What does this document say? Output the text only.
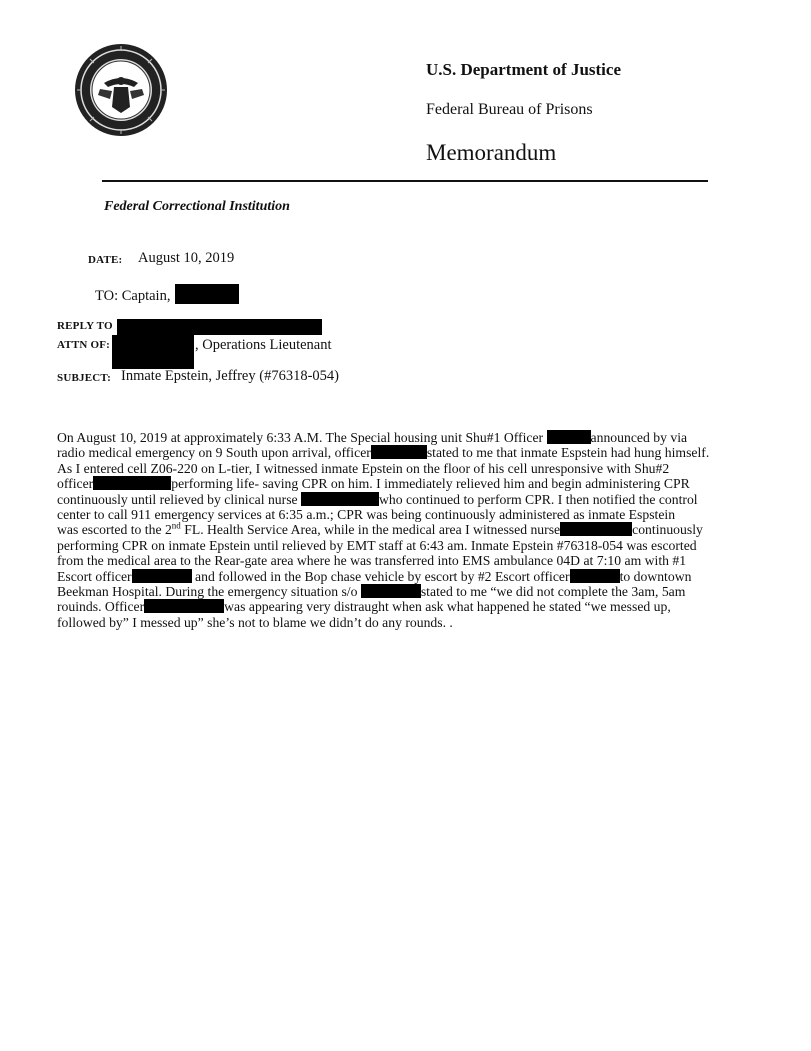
U.S. Department of Justice
Federal Bureau of Prisons
Memorandum
Federal Correctional Institution
DATE: August 10, 2019
TO: Captain,
REPLY TO
ATTN OF:	, Operations Lieutenant
SUBJECT: Inmate Epstein, Jeffrey (#76318-054)
On August 10, 2019 at approximately 6:33 A.M. The Special housing unit Shu#1 Officer	announced by via
radio medical emergency on 9 South upon arrival, officer	stated to me that inmate Espstein had hung himself.
As I entered cell Z06-220 on L-tier, I witnessed inmate Epstein on the floor of his cell unresponsive with Shu#2
officer	performing life- saving CPR on him. I immediately relieved him and begin administering CPR
continuously until relieved by clinical nurse	who continued to perform CPR. I then notified the control
center to call 911 emergency services at 6:35 a.m.; CPR was being continuously administered as inmate Espstein
was escorted to the 2nd FL. Health Service Area, while in the medical area I witnessed nurse	continuously
performing CPR on inmate Epstein until relieved by EMT staff at 6:43 am. Inmate Epstein #76318-054 was escorted
from the medical area to the Rear-gate area where he was transferred into EMS ambulance 04D at 7:10 am with #1
Escort officer	and followed in the Bop chase vehicle by escort by #2 Escort officer	to downtown
Beekman Hospital. During the emergency situation s/o	stated to me “we did not complete the 3am, 5am
rouinds. Officer	was appearing very distraught when ask what happened he stated “we messed up,
followed by” I messed up” she’s not to blame we didn’t do any rounds. .
